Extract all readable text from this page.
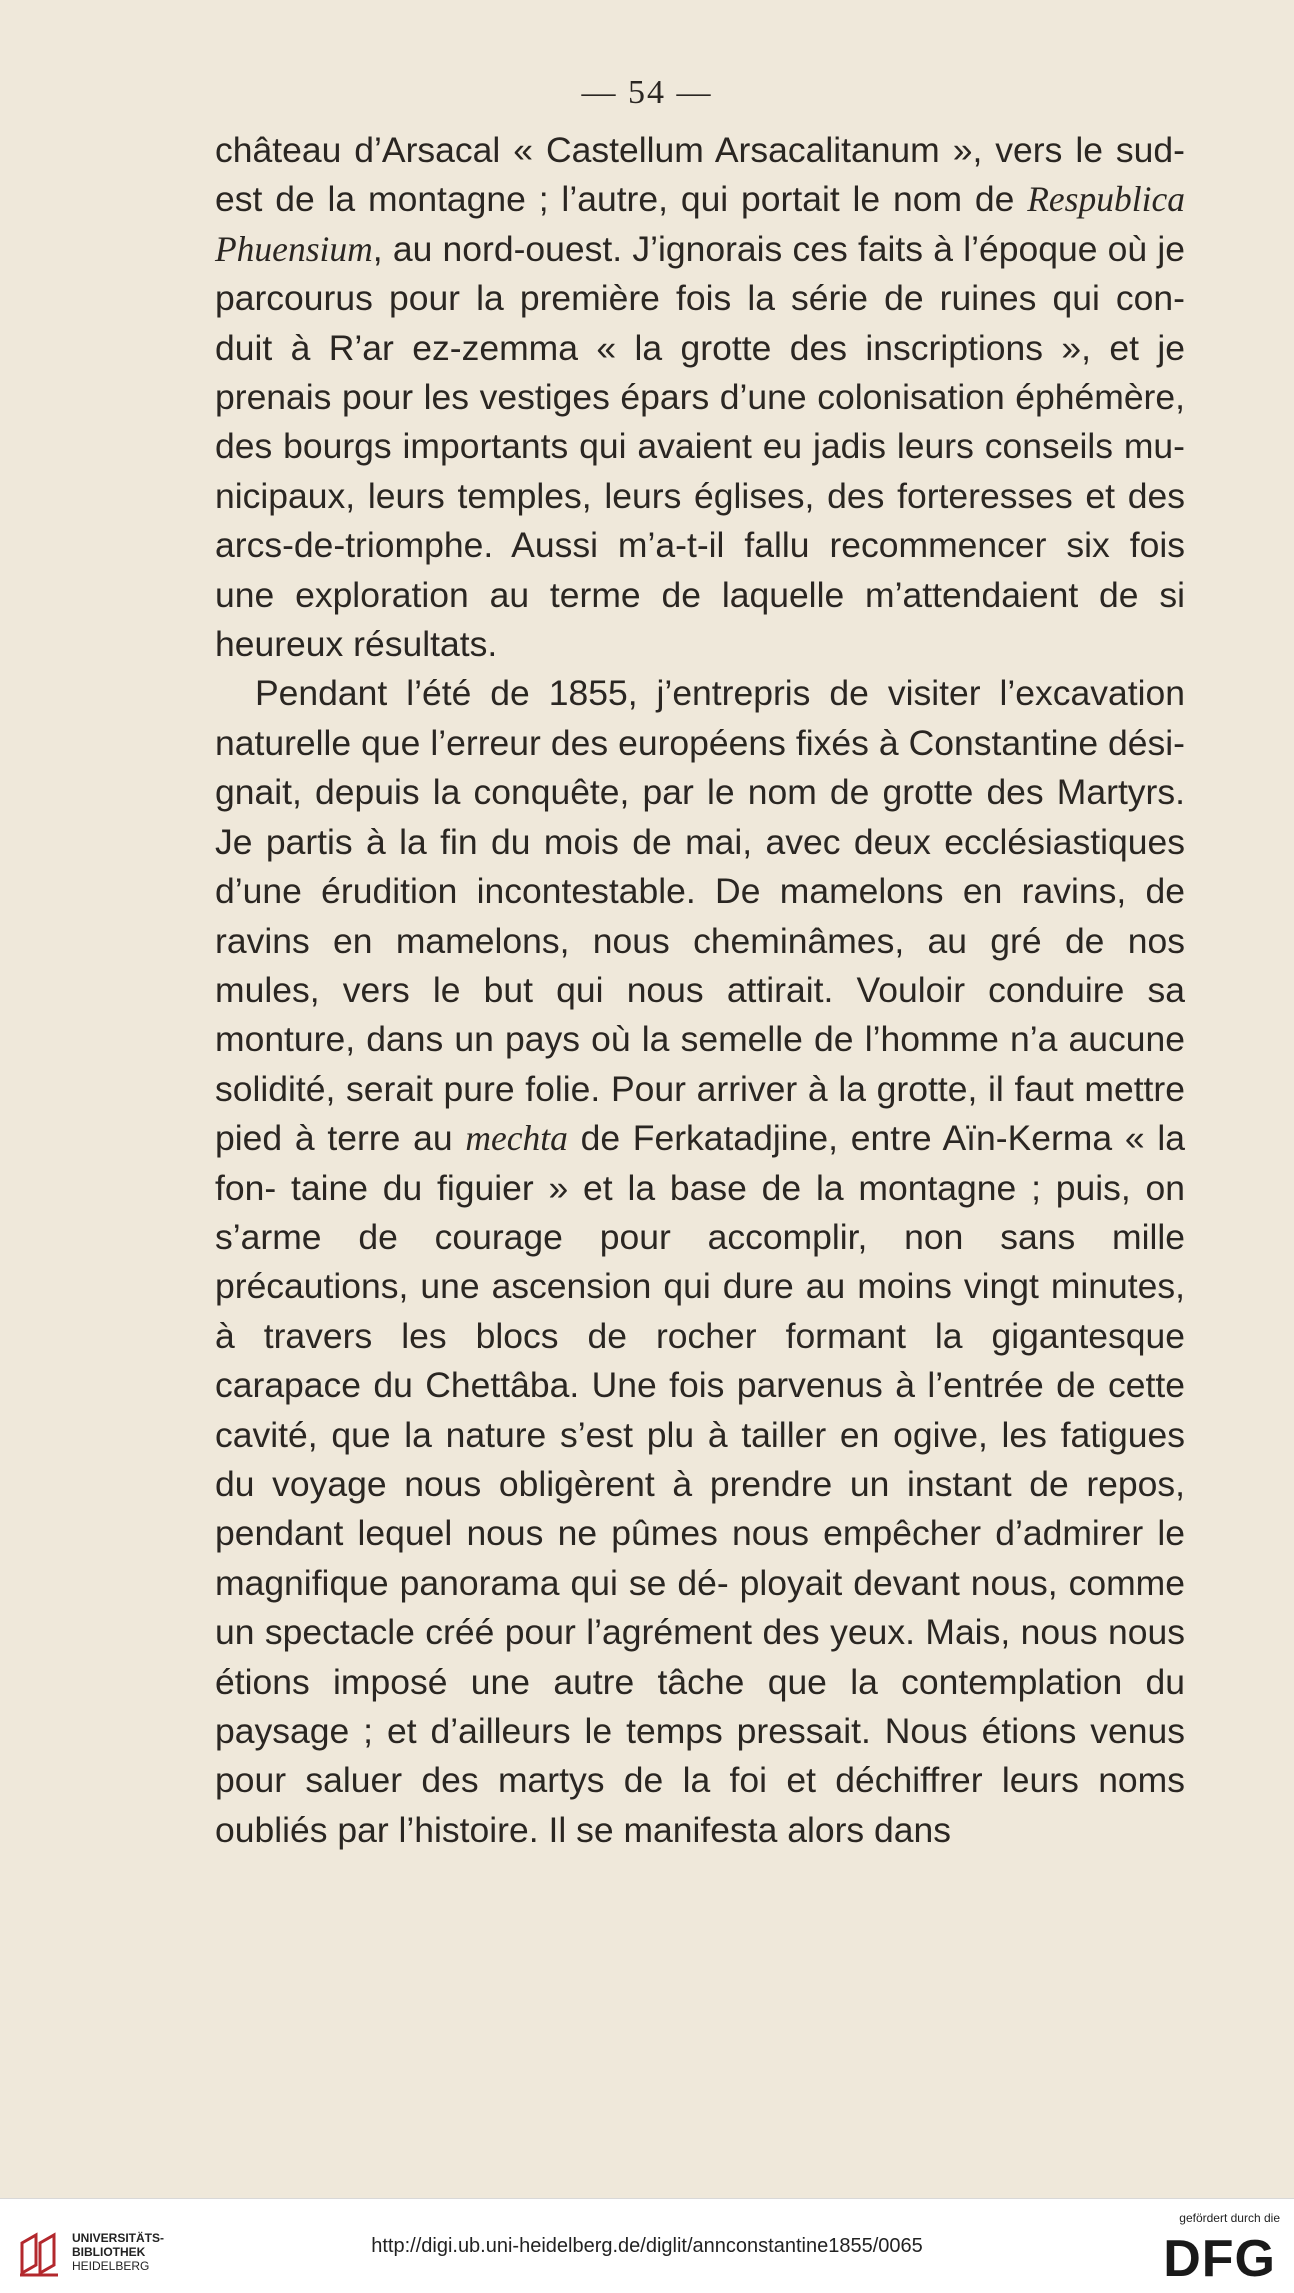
— 54 —

château d’Arsacal « Castellum Arsacalitanum », vers le sud-est de la montagne ; l’autre, qui portait le nom de Respublica Phuensium, au nord-ouest. J’ignorais ces faits à l’époque où je parcourus pour la première fois la série de ruines qui con- duit à R’ar ez-zemma « la grotte des inscriptions », et je prenais pour les vestiges épars d’une colonisation éphémère, des bourgs importants qui avaient eu jadis leurs conseils mu- nicipaux, leurs temples, leurs églises, des forteresses et des arcs-de-triomphe. Aussi m’a-t-il fallu recommencer six fois une exploration au terme de laquelle m’attendaient de si heureux résultats.

Pendant l’été de 1855, j’entrepris de visiter l’excavation naturelle que l’erreur des européens fixés à Constantine dési- gnait, depuis la conquête, par le nom de grotte des Martyrs. Je partis à la fin du mois de mai, avec deux ecclésiastiques d’une érudition incontestable. De mamelons en ravins, de ravins en mamelons, nous cheminâmes, au gré de nos mules, vers le but qui nous attirait. Vouloir conduire sa monture, dans un pays où la semelle de l’homme n’a aucune solidité, serait pure folie. Pour arriver à la grotte, il faut mettre pied à terre au mechta de Ferkatadjine, entre Aïn-Kerma « la fon- taine du figuier » et la base de la montagne ; puis, on s’arme de courage pour accomplir, non sans mille précautions, une ascension qui dure au moins vingt minutes, à travers les blocs de rocher formant la gigantesque carapace du Chettâba. Une fois parvenus à l’entrée de cette cavité, que la nature s’est plu à tailler en ogive, les fatigues du voyage nous obligèrent à prendre un instant de repos, pendant lequel nous ne pûmes nous empêcher d’admirer le magnifique panorama qui se dé- ployait devant nous, comme un spectacle créé pour l’agrément des yeux. Mais, nous nous étions imposé une autre tâche que la contemplation du paysage ; et d’ailleurs le temps pressait. Nous étions venus pour saluer des martys de la foi et déchiffrer leurs noms oubliés par l’histoire. Il se manifesta alors dans

UNIVERSITÄTS-
BIBLIOTHEK
HEIDELBERG
http://digi.ub.uni-heidelberg.de/diglit/annconstantine1855/0065
gefördert durch die
DFG
